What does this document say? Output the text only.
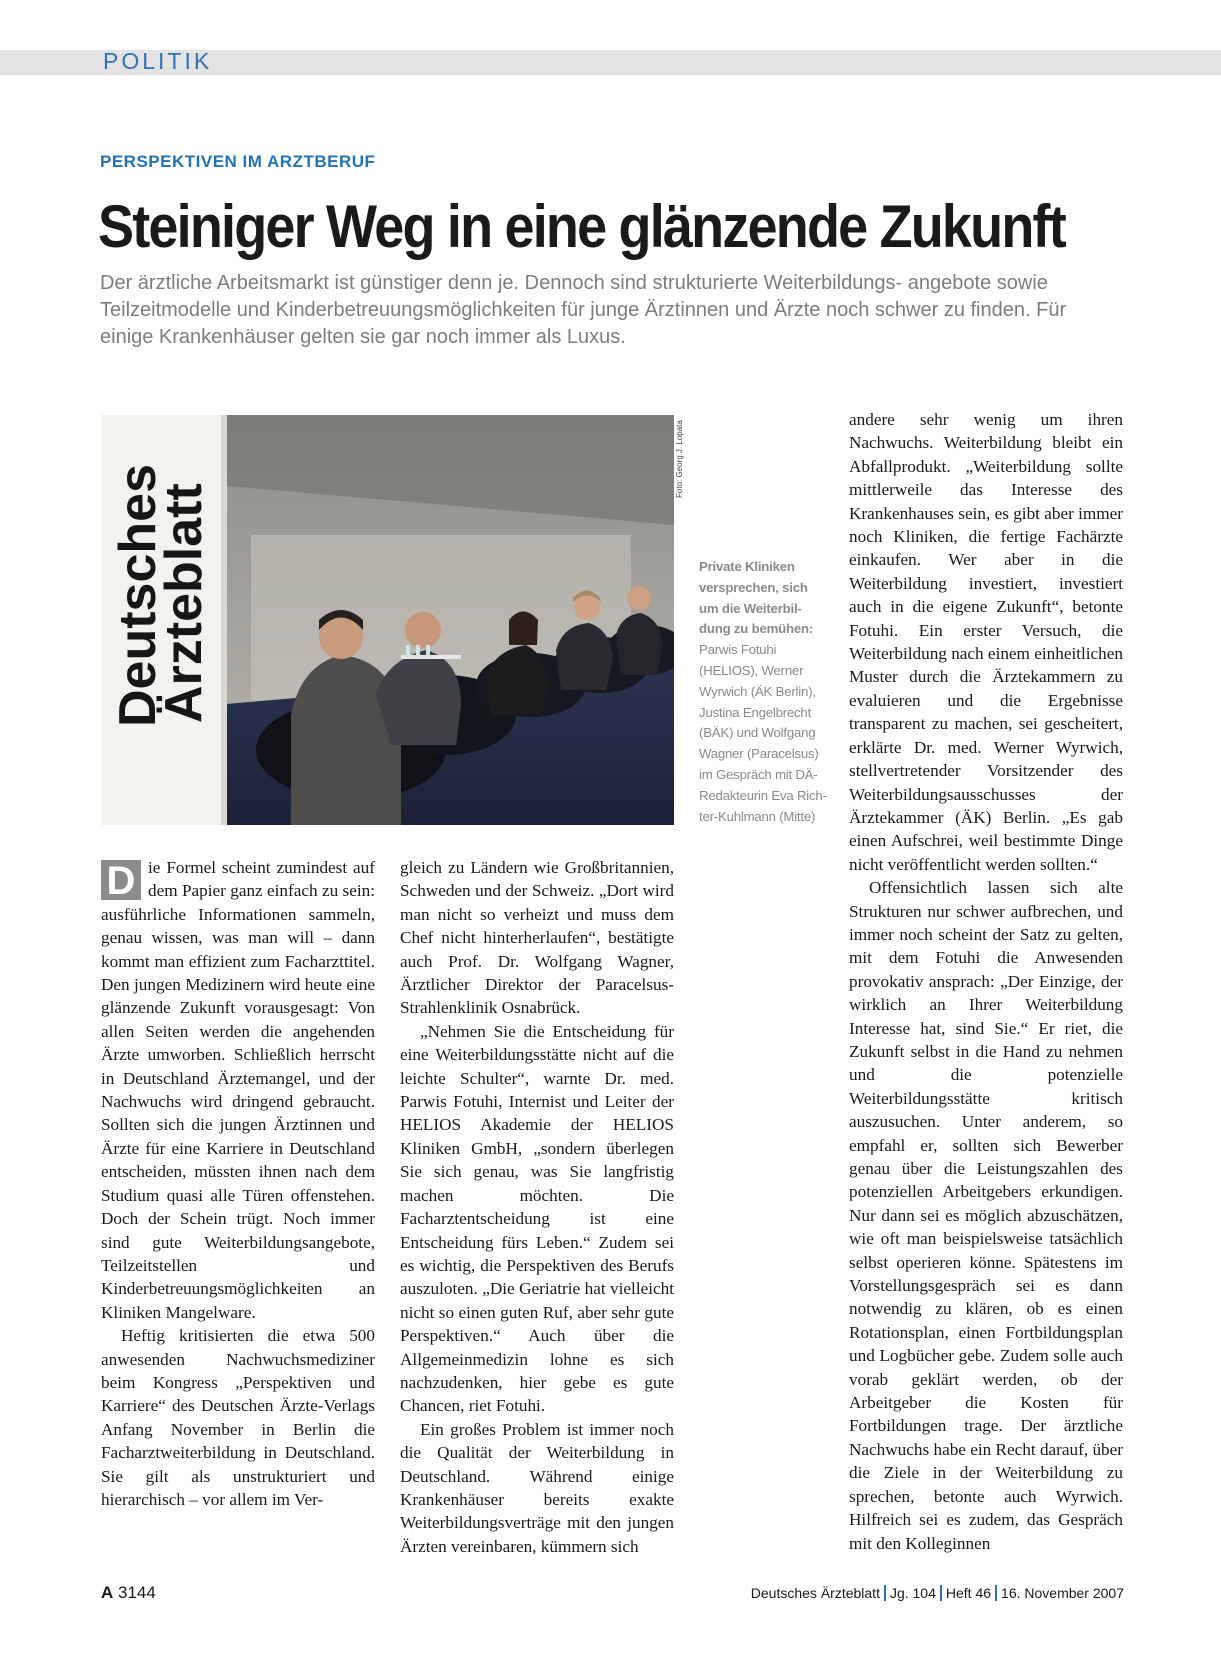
POLITIK
PERSPEKTIVEN IM ARZTBERUF
Steiniger Weg in eine glänzende Zukunft
Der ärztliche Arbeitsmarkt ist günstiger denn je. Dennoch sind strukturierte Weiterbildungs- angebote sowie Teilzeitmodelle und Kinderbetreuungsmöglichkeiten für junge Ärztinnen und Ärzte noch schwer zu finden. Für einige Krankenhäuser gelten sie gar noch immer als Luxus.
Deutsches
Ärzteblatt
Foto: Georg J. Lopata
Private Kliniken versprechen, sich um die Weiterbil- dung zu bemühen: Parwis Fotuhi (HELIOS), Werner Wyrwich (ÄK Berlin), Justina Engelbrecht (BÄK) und Wolfgang Wagner (Paracelsus) im Gespräch mit DÄ-Redakteurin Eva Rich- ter-Kuhlmann (Mitte)

D ie Formel scheint zumindest auf dem Papier ganz einfach zu sein: ausführliche Informationen sammeln, genau wissen, was man will – dann kommt man effizient zum Facharzttitel. Den jungen Medizinern wird heute eine glänzende Zukunft vorausgesagt: Von allen Seiten werden die angehenden Ärzte umworben. Schließlich herrscht in Deutschland Ärztemangel, und der Nachwuchs wird dringend gebraucht. Sollten sich die jungen Ärztinnen und Ärzte für eine Karriere in Deutschland entscheiden, müssten ihnen nach dem Studium quasi alle Türen offenstehen. Doch der Schein trügt. Noch immer sind gute Weiterbildungsangebote, Teilzeitstellen und Kinderbetreuungsmöglichkeiten an Kliniken Mangelware.

Heftig kritisierten die etwa 500 anwesenden Nachwuchsmediziner beim Kongress „Perspektiven und Karriere“ des Deutschen Ärzte-Verlags Anfang November in Berlin die Facharztweiterbildung in Deutschland. Sie gilt als unstrukturiert und hierarchisch – vor allem im Ver-

gleich zu Ländern wie Großbritannien, Schweden und der Schweiz. „Dort wird man nicht so verheizt und muss dem Chef nicht hinterherlaufen“, bestätigte auch Prof. Dr. Wolfgang Wagner, Ärztlicher Direktor der Paracelsus-Strahlenklinik Osnabrück.

„Nehmen Sie die Entscheidung für eine Weiterbildungsstätte nicht auf die leichte Schulter“, warnte Dr. med. Parwis Fotuhi, Internist und Leiter der HELIOS Akademie der HELIOS Kliniken GmbH, „sondern überlegen Sie sich genau, was Sie langfristig machen möchten. Die Facharztentscheidung ist eine Entscheidung fürs Leben.“ Zudem sei es wichtig, die Perspektiven des Berufs auszuloten. „Die Geriatrie hat vielleicht nicht so einen guten Ruf, aber sehr gute Perspektiven.“ Auch über die Allgemeinmedizin lohne es sich nachzudenken, hier gebe es gute Chancen, riet Fotuhi.

Ein großes Problem ist immer noch die Qualität der Weiterbildung in Deutschland. Während einige Krankenhäuser bereits exakte Weiterbildungsverträge mit den jungen Ärzten vereinbaren, kümmern sich

andere sehr wenig um ihren Nachwuchs. Weiterbildung bleibt ein Abfallprodukt. „Weiterbildung sollte mittlerweile das Interesse des Krankenhauses sein, es gibt aber immer noch Kliniken, die fertige Fachärzte einkaufen. Wer aber in die Weiterbildung investiert, investiert auch in die eigene Zukunft“, betonte Fotuhi. Ein erster Versuch, die Weiterbildung nach einem einheitlichen Muster durch die Ärztekammern zu evaluieren und die Ergebnisse transparent zu machen, sei gescheitert, erklärte Dr. med. Werner Wyrwich, stellvertretender Vorsitzender des Weiterbildungsausschusses der Ärztekammer (ÄK) Berlin. „Es gab einen Aufschrei, weil bestimmte Dinge nicht veröffentlicht werden sollten.“

Offensichtlich lassen sich alte Strukturen nur schwer aufbrechen, und immer noch scheint der Satz zu gelten, mit dem Fotuhi die Anwesenden provokativ ansprach: „Der Einzige, der wirklich an Ihrer Weiterbildung Interesse hat, sind Sie.“ Er riet, die Zukunft selbst in die Hand zu nehmen und die potenzielle Weiterbildungsstätte kritisch auszusuchen. Unter anderem, so empfahl er, sollten sich Bewerber genau über die Leistungszahlen des potenziellen Arbeitgebers erkundigen. Nur dann sei es möglich abzuschätzen, wie oft man beispielsweise tatsächlich selbst operieren könne. Spätestens im Vorstellungsgespräch sei es dann notwendig zu klären, ob es einen Rotationsplan, einen Fortbildungsplan und Logbücher gebe. Zudem solle auch vorab geklärt werden, ob der Arbeitgeber die Kosten für Fortbildungen trage. Der ärztliche Nachwuchs habe ein Recht darauf, über die Ziele in der Weiterbildung zu sprechen, betonte auch Wyrwich. Hilfreich sei es zudem, das Gespräch mit den Kolleginnen

A 3144	Deutsches Ärzteblatt Jg. 104 Heft 46 16. November 2007
